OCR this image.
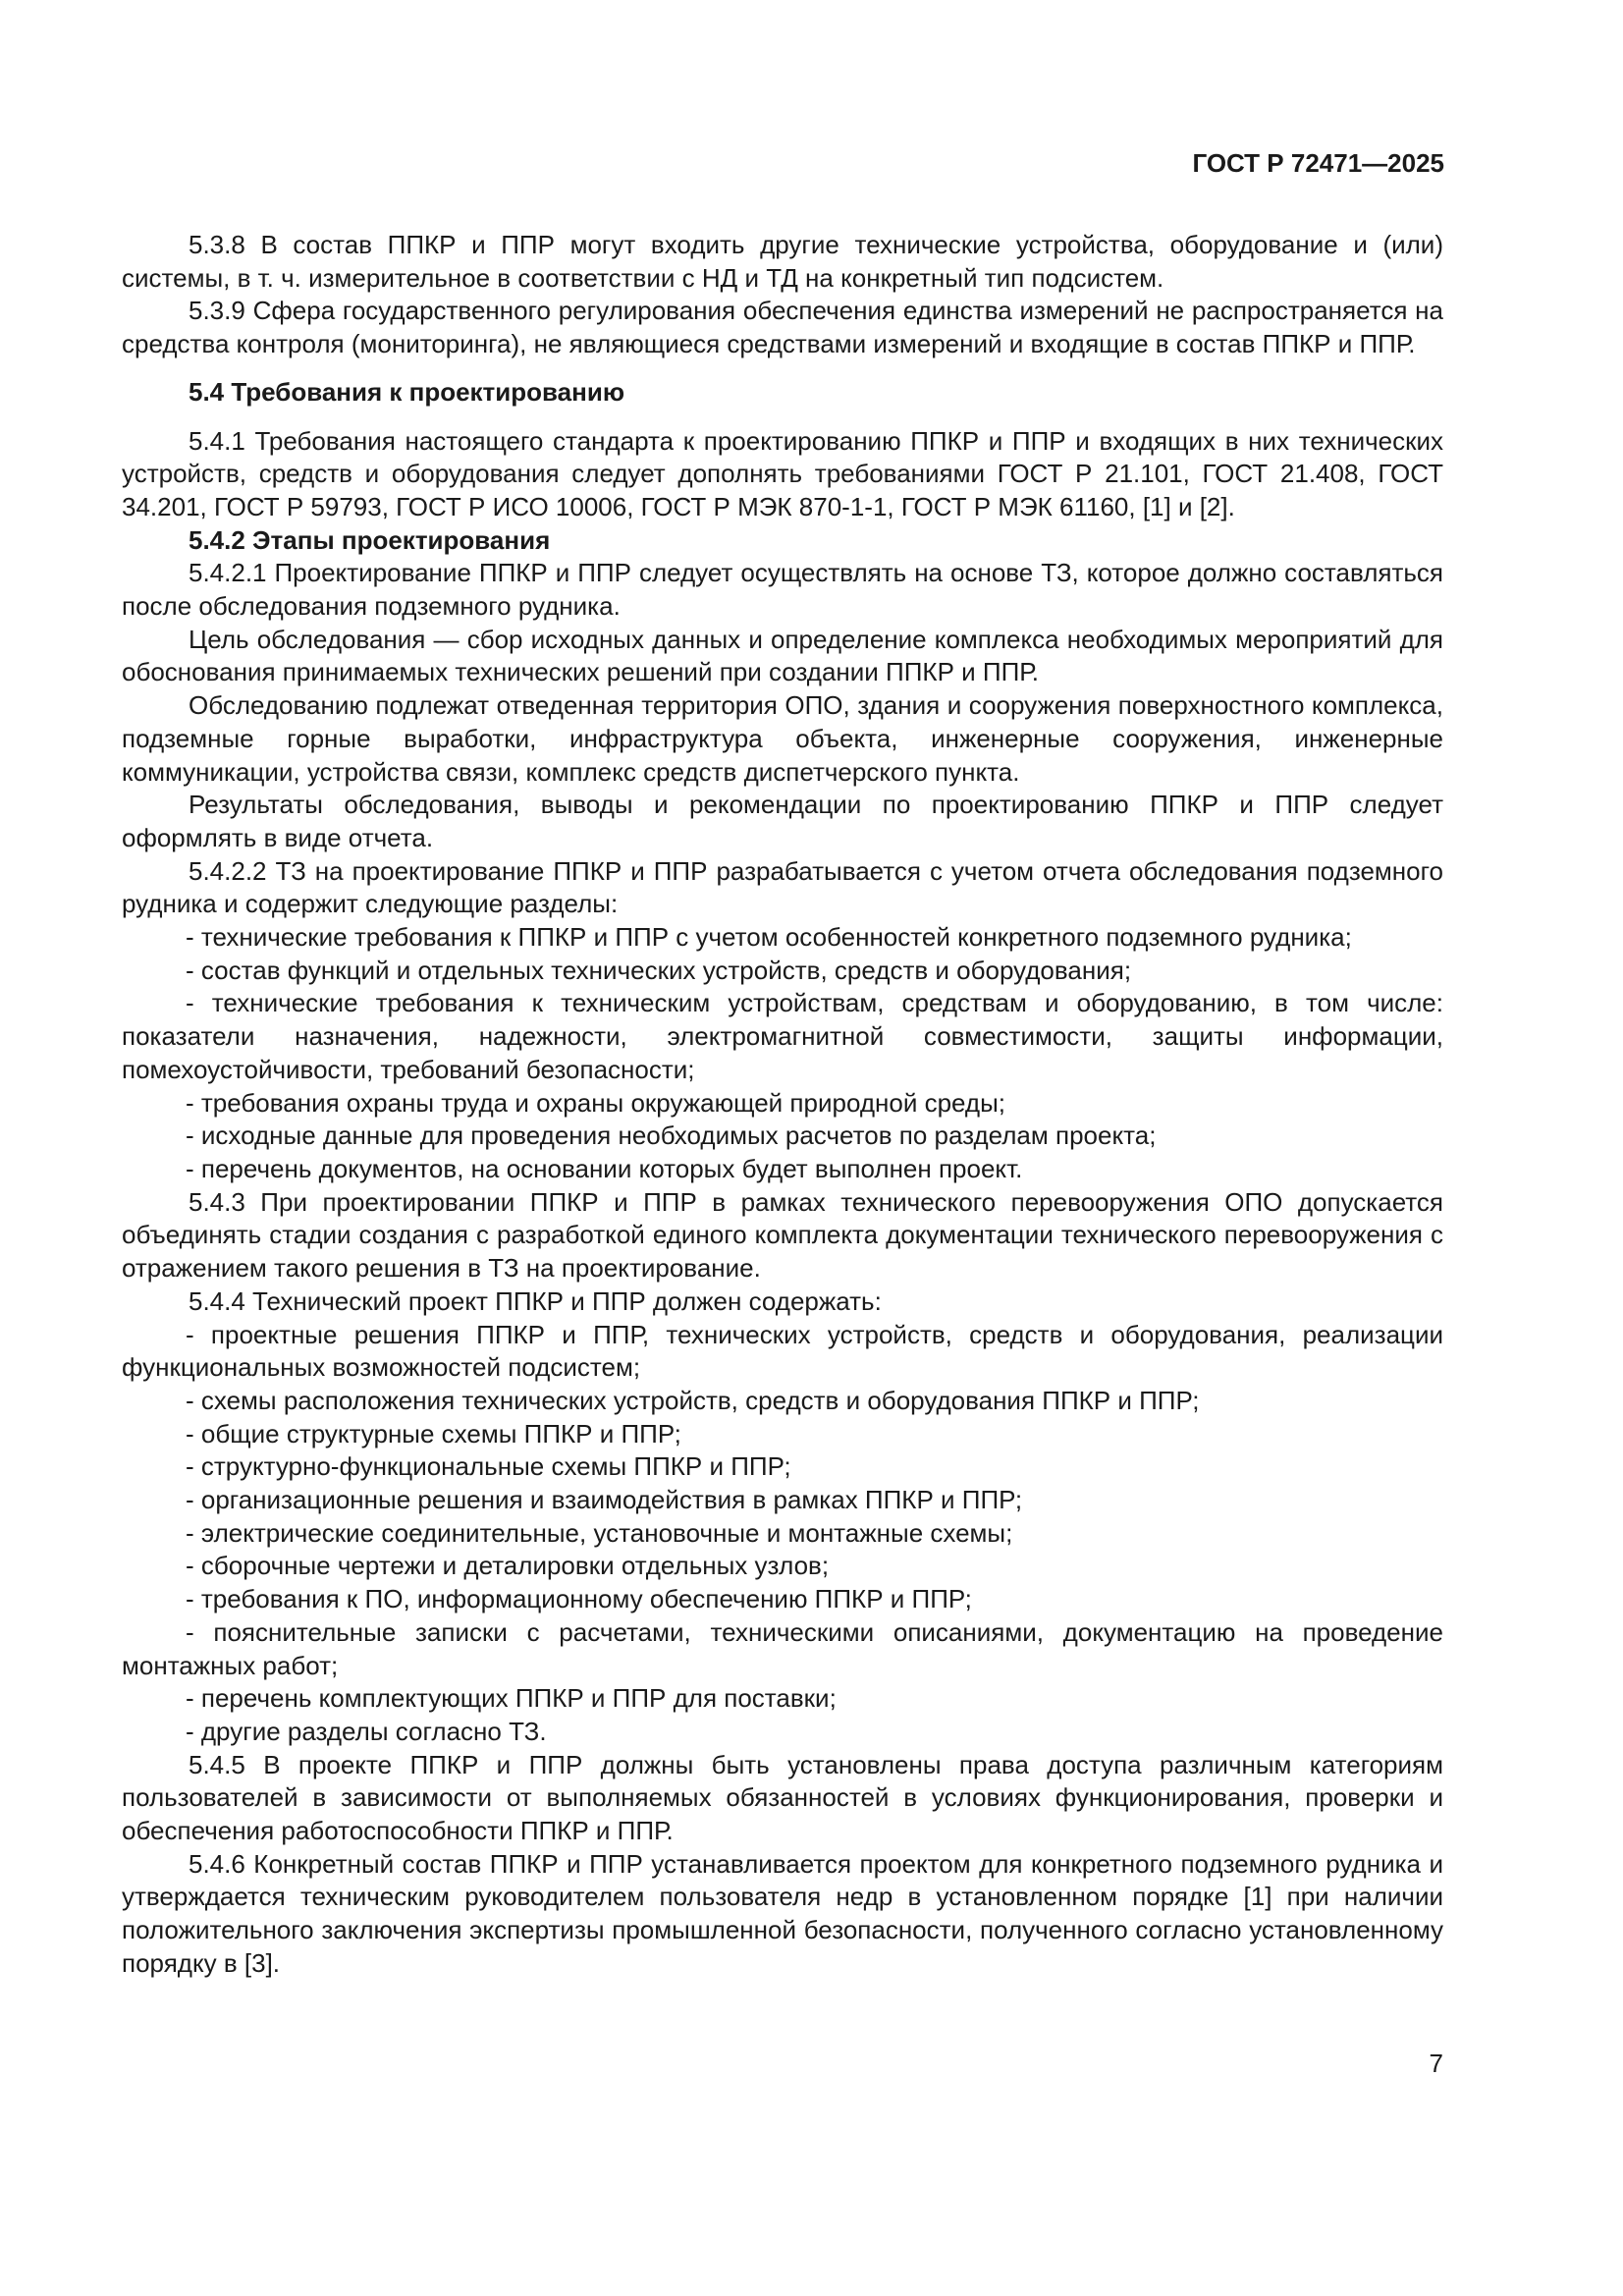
ГОСТ Р 72471—2025

5.3.8 В состав ППКР и ППР могут входить другие технические устройства, оборудование и (или) системы, в т. ч. измерительное в соответствии с НД и ТД на конкретный тип подсистем.

5.3.9 Сфера государственного регулирования обеспечения единства измерений не распространяется на средства контроля (мониторинга), не являющиеся средствами измерений и входящие в состав ППКР и ППР.

5.4 Требования к проектированию

5.4.1 Требования настоящего стандарта к проектированию ППКР и ППР и входящих в них технических устройств, средств и оборудования следует дополнять требованиями ГОСТ Р 21.101, ГОСТ 21.408, ГОСТ 34.201, ГОСТ Р 59793, ГОСТ Р ИСО 10006, ГОСТ Р МЭК 870-1-1, ГОСТ Р МЭК 61160, [1] и [2].

5.4.2 Этапы проектирования

5.4.2.1 Проектирование ППКР и ППР следует осуществлять на основе ТЗ, которое должно составляться после обследования подземного рудника.

Цель обследования — сбор исходных данных и определение комплекса необходимых мероприятий для обоснования принимаемых технических решений при создании ППКР и ППР.

Обследованию подлежат отведенная территория ОПО, здания и сооружения поверхностного комплекса, подземные горные выработки, инфраструктура объекта, инженерные сооружения, инженерные коммуникации, устройства связи, комплекс средств диспетчерского пункта.

Результаты обследования, выводы и рекомендации по проектированию ППКР и ППР следует оформлять в виде отчета.

5.4.2.2 ТЗ на проектирование ППКР и ППР разрабатывается с учетом отчета обследования подземного рудника и содержит следующие разделы:

- технические требования к ППКР и ППР с учетом особенностей конкретного подземного рудника;

- состав функций и отдельных технических устройств, средств и оборудования;

- технические требования к техническим устройствам, средствам и оборудованию, в том числе: показатели назначения, надежности, электромагнитной совместимости, защиты информации, помехоустойчивости, требований безопасности;

- требования охраны труда и охраны окружающей природной среды;

- исходные данные для проведения необходимых расчетов по разделам проекта;

- перечень документов, на основании которых будет выполнен проект.

5.4.3 При проектировании ППКР и ППР в рамках технического перевооружения ОПО допускается объединять стадии создания с разработкой единого комплекта документации технического перевооружения с отражением такого решения в ТЗ на проектирование.

5.4.4 Технический проект ППКР и ППР должен содержать:

- проектные решения ППКР и ППР, технических устройств, средств и оборудования, реализации функциональных возможностей подсистем;

- схемы расположения технических устройств, средств и оборудования ППКР и ППР;

- общие структурные схемы ППКР и ППР;

- структурно-функциональные схемы ППКР и ППР;

- организационные решения и взаимодействия в рамках ППКР и ППР;

- электрические соединительные, установочные и монтажные схемы;

- сборочные чертежи и деталировки отдельных узлов;

- требования к ПО, информационному обеспечению ППКР и ППР;

- пояснительные записки с расчетами, техническими описаниями, документацию на проведение монтажных работ;

- перечень комплектующих ППКР и ППР для поставки;

- другие разделы согласно ТЗ.

5.4.5 В проекте ППКР и ППР должны быть установлены права доступа различным категориям пользователей в зависимости от выполняемых обязанностей в условиях функционирования, проверки и обеспечения работоспособности ППКР и ППР.

5.4.6 Конкретный состав ППКР и ППР устанавливается проектом для конкретного подземного рудника и утверждается техническим руководителем пользователя недр в установленном порядке [1] при наличии положительного заключения экспертизы промышленной безопасности, полученного согласно установленному порядку в [3].

7
